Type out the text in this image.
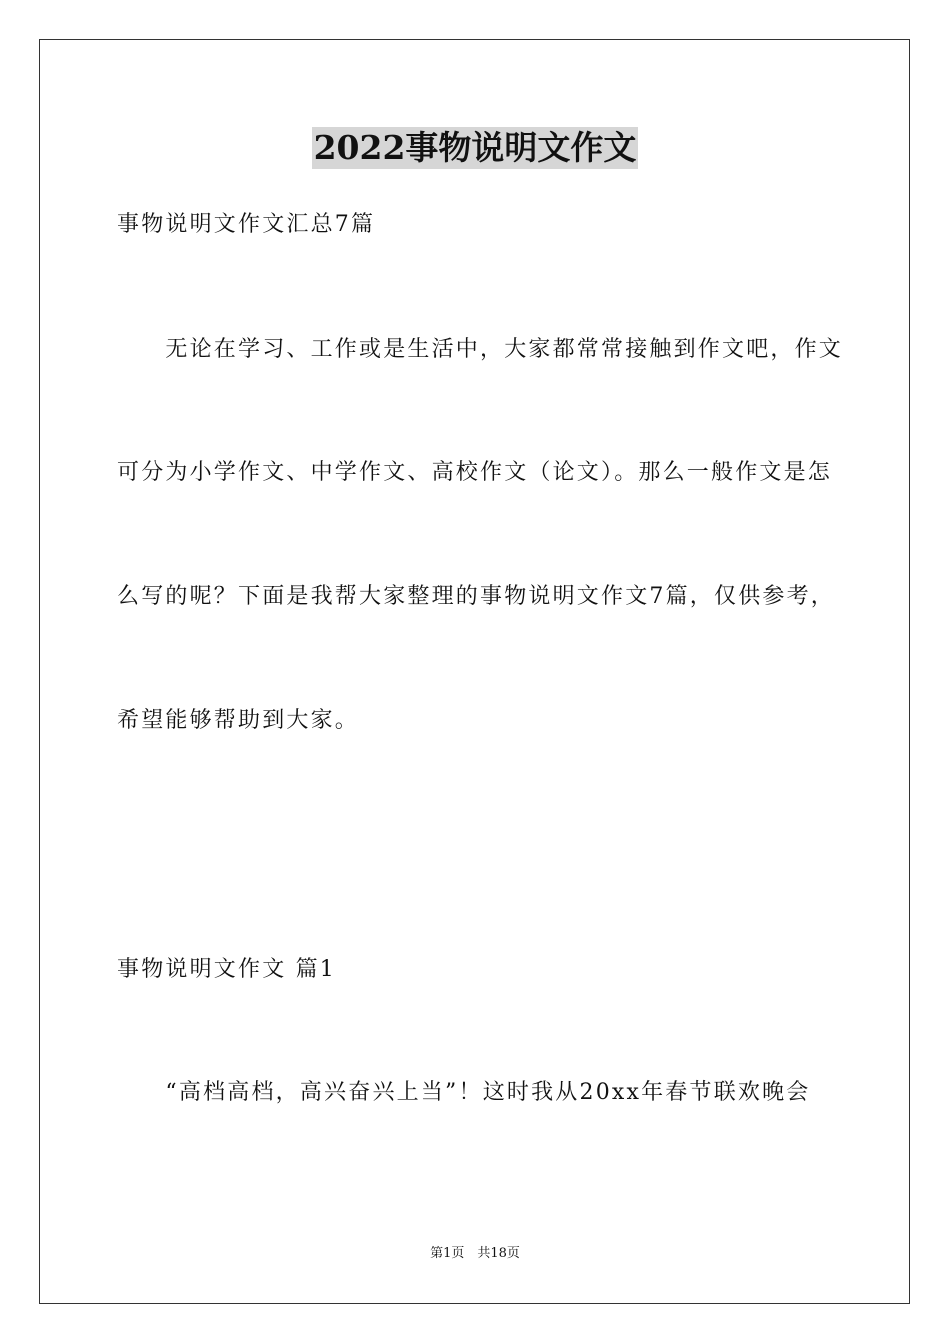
2022事物说明文作文
事物说明文作文汇总7篇
　　无论在学习、工作或是生活中，大家都常常接触到作文吧，作文
可分为小学作文、中学作文、高校作文（论文）。那么一般作文是怎
么写的呢？下面是我帮大家整理的事物说明文作文7篇，仅供参考，
希望能够帮助到大家。
事物说明文作文 篇1
　　“高档高档，高兴奋兴上当”！这时我从20xx年春节联欢晚会
第1页　共18页
